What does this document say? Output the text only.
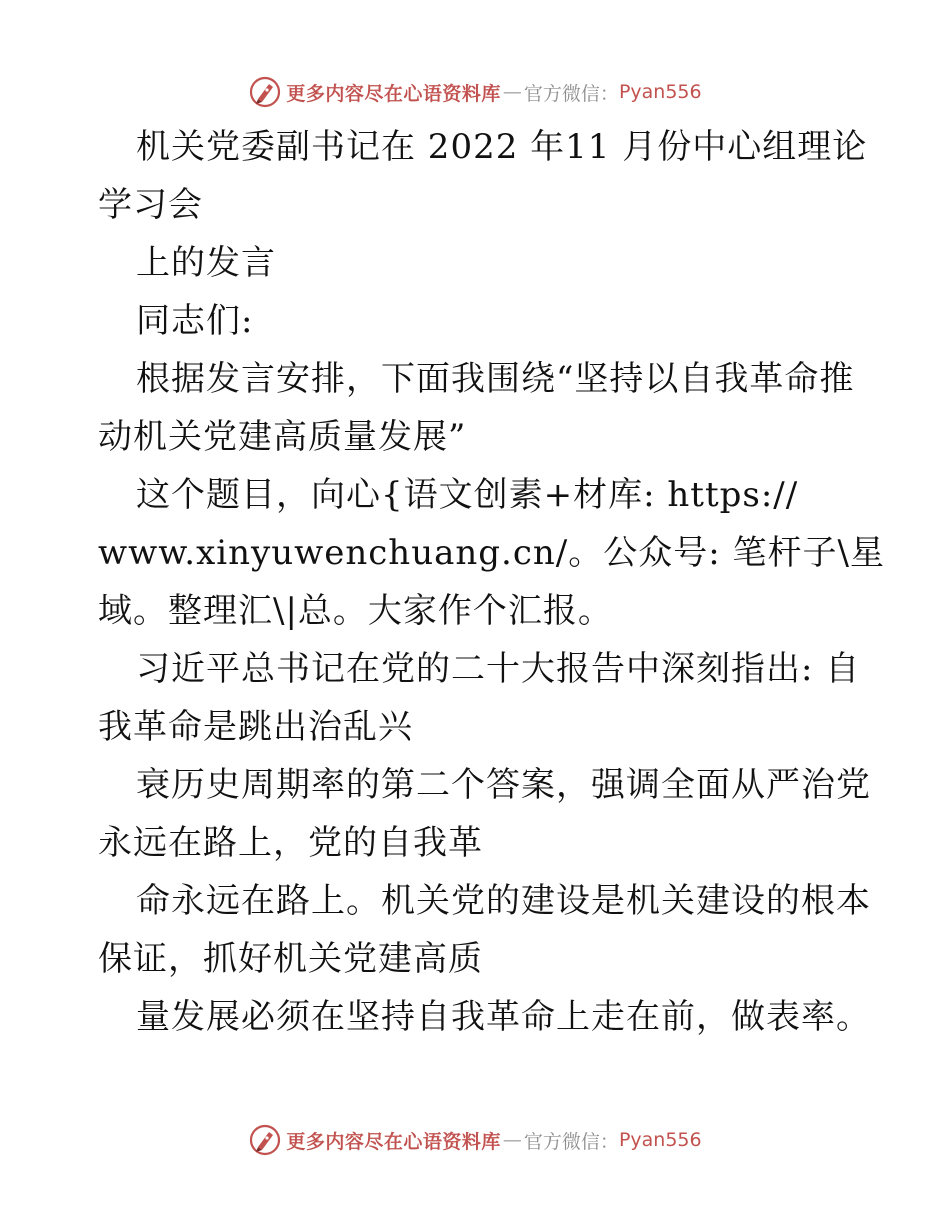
更多内容尽在心语资料库 — 官方微信： Pyan556
机关党委副书记在 2022 年11 月份中心组理论
学习会
上的发言
同志们:
根据发言安排，下面我围绕“坚持以自我革命推
动机关党建高质量发展”
这个题目，向心{语文创素+材库: https://
www.xinyuwenchuang.cn/。公众号: 笔杆子\星
域。整理汇\|总。大家作个汇报。
习近平总书记在党的二十大报告中深刻指出: 自
我革命是跳出治乱兴
衰历史周期率的第二个答案，强调全面从严治党
永远在路上，党的自我革
命永远在路上。机关党的建设是机关建设的根本
保证，抓好机关党建高质
量发展必须在坚持自我革命上走在前，做表率。
更多内容尽在心语资料库 — 官方微信： Pyan556
